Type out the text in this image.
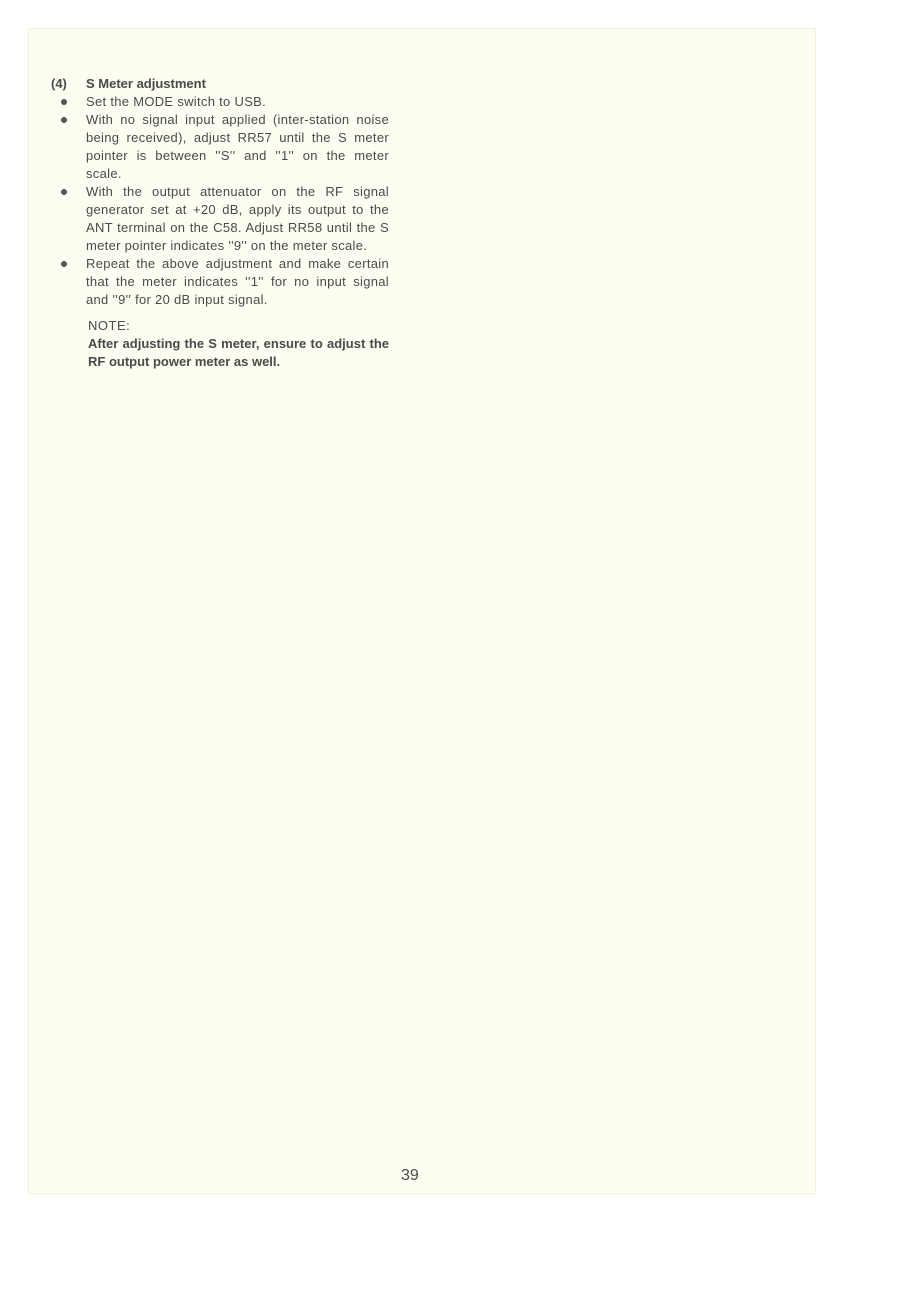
(4)	S Meter adjustment
Set the MODE switch to USB.
With no signal input applied (inter-station noise being received), adjust RR57 until the S meter pointer is between ''S'' and ''1'' on the meter scale.
With the output attenuator on the RF signal generator set at +20 dB, apply its output to the ANT terminal on the C58. Adjust RR58 until the S meter pointer indicates ''9'' on the meter scale.
Repeat the above adjustment and make certain that the meter indicates ''1'' for no input signal and ''9'' for 20 dB input signal.
NOTE:
After adjusting the S meter, ensure to adjust the RF output power meter as well.
39
